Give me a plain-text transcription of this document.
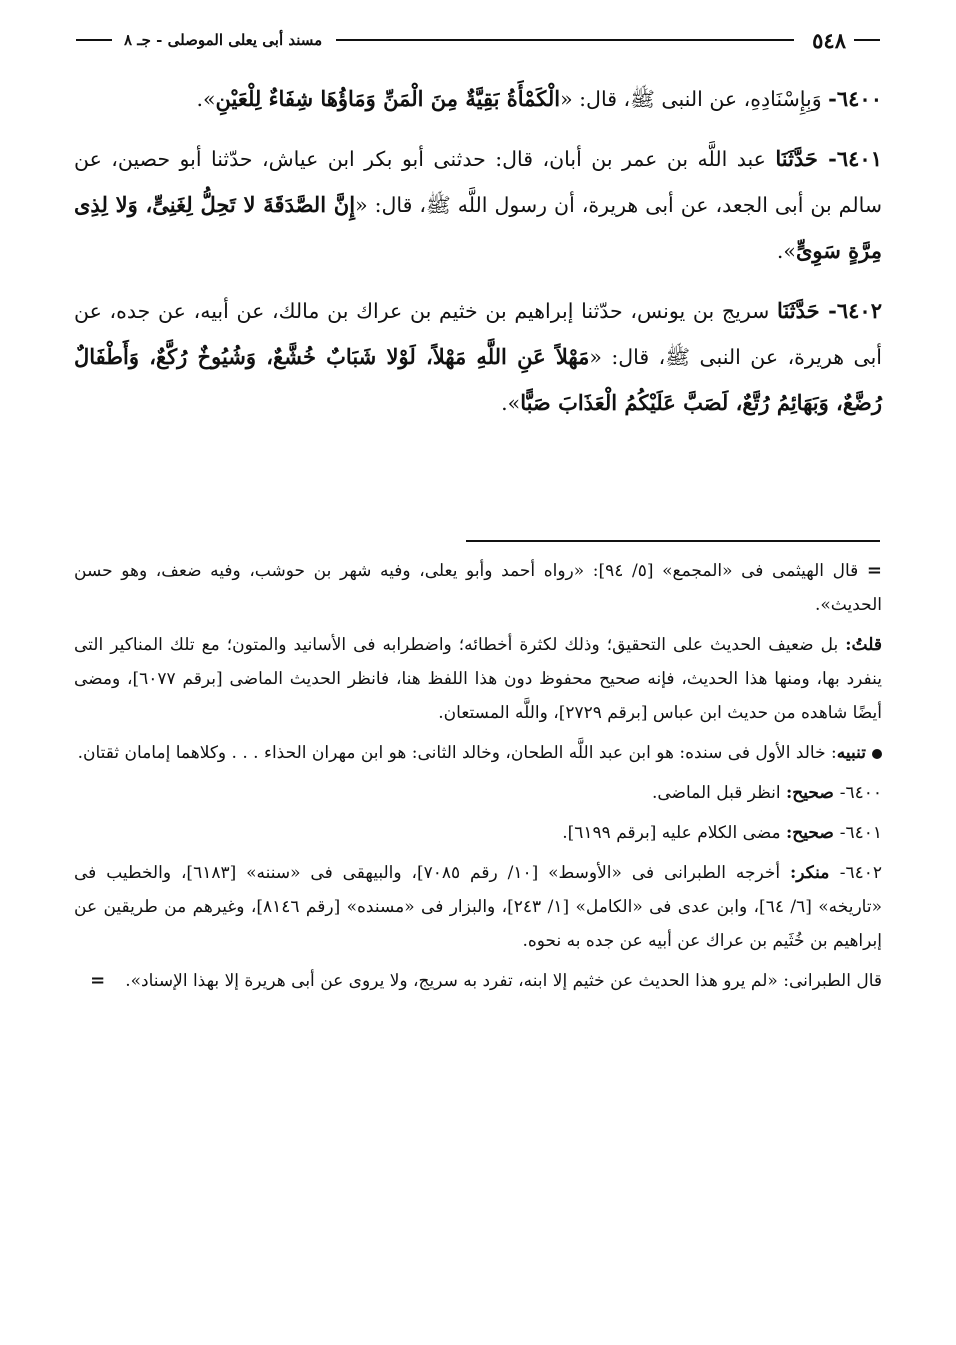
٥٤٨
مسند أبى يعلى الموصلى - جـ ٨

٦٤٠٠- وَبِإِسْنَادِهِ، عن النبى ﷺ، قال: «الْكَمْأَةُ بَقِيَّةٌ مِنَ الْمَنِّ وَمَاؤُهَا شِفَاءٌ لِلْعَيْنِ».

٦٤٠١- حَدَّثَنَا عبد اللَّه بن عمر بن أبان، قال: حدثنى أبو بكر ابن عياش، حدّثنا أبو حصين، عن سالم بن أبى الجعد، عن أبى هريرة، أن رسول اللَّه ﷺ، قال: «إِنَّ الصَّدَقَةَ لا تَحِلُّ لِغَنِىٍّ، وَلا لِذِى مِرَّةٍ سَوِىٍّ».

٦٤٠٢- حَدَّثَنَا سريج بن يونس، حدّثنا إبراهيم بن خثيم بن عراك بن مالك، عن أبيه، عن جده، عن أبى هريرة، عن النبى ﷺ، قال: «مَهْلاً عَنِ اللَّهِ مَهْلاً، لَوْلا شَبَابٌ خُشَّعٌ، وَشُيُوخٌ رُكَّعٌ، وَأَطْفَالٌ رُضَّعٌ، وَبَهَائِمُ رُتَّعٌ، لَصَبَّ عَلَيْكُمُ الْعَذَابَ صَبًّا».

= قال الهيثمى فى «المجمع» [٥/ ٩٤]: «رواه أحمد وأبو يعلى، وفيه شهر بن حوشب، وفيه ضعف، وهو حسن الحديث».

قلتُ: بل ضعيف الحديث على التحقيق؛ وذلك لكثرة أخطائه؛ واضطرابه فى الأسانيد والمتون؛ مع تلك المناكير التى ينفرد بها، ومنها هذا الحديث، فإنه صحيح محفوظ دون هذا اللفظ هنا، فانظر الحديث الماضى [برقم ٦٠٧٧]، ومضى أيضًا شاهده من حديث ابن عباس [برقم ٢٧٢٩]، واللَّه المستعان.

تنبيه: خالد الأول فى سنده: هو ابن عبد اللَّه الطحان، وخالد الثانى: هو ابن مهران الحذاء . . . وكلاهما إمامان ثقتان.

٦٤٠٠- صحيح: انظر قبل الماضى.

٦٤٠١- صحيح: مضى الكلام عليه [برقم ٦١٩٩].

٦٤٠٢- منكر: أخرجه الطبرانى فى «الأوسط» [١٠/ رقم ٧٠٨٥]، والبيهقى فى «سننه» [٦١٨٣]، والخطيب فى «تاريخه» [٦/ ٦٤]، وابن عدى فى «الكامل» [١/ ٢٤٣]، والبزار فى «مسنده» [رقم ٨١٤٦]، وغيرهم من طريقين عن إبراهيم بن خُثَيم بن عراك عن أبيه عن جده به نحوه.

قال الطبرانى: «لم يرو هذا الحديث عن خثيم إلا ابنه، تفرد به سريج، ولا يروى عن أبى هريرة إلا بهذا الإسناد».=
